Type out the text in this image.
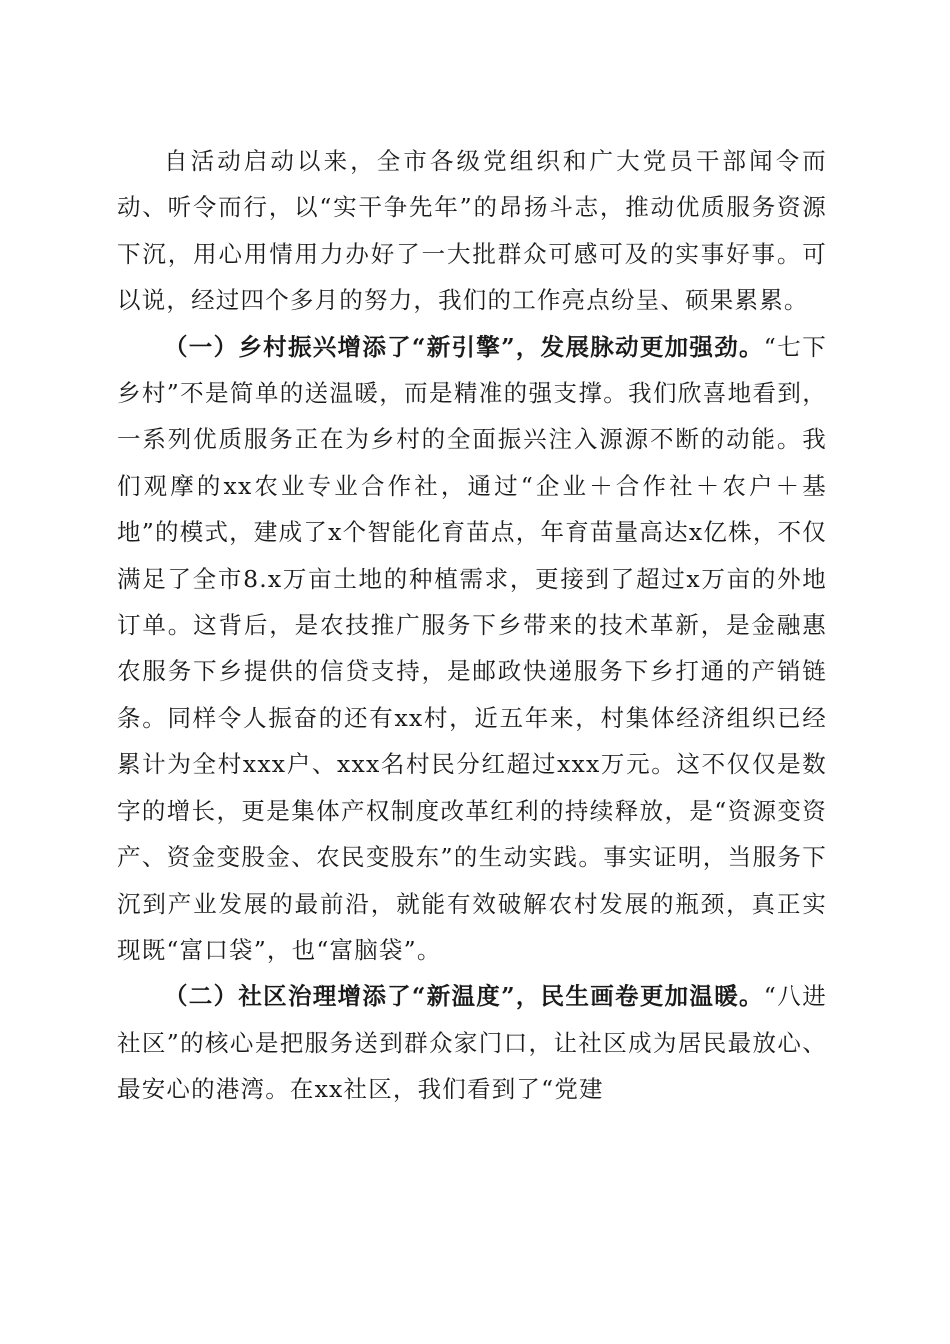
自活动启动以来，全市各级党组织和广大党员干部闻令而动、听令而行，以“实干争先年”的昂扬斗志，推动优质服务资源下沉，用心用情用力办好了一大批群众可感可及的实事好事。可以说，经过四个多月的努力，我们的工作亮点纷呈、硕果累累。

（一）乡村振兴增添了“新引擎”，发展脉动更加强劲。“七下乡村”不是简单的送温暖，而是精准的强支撑。我们欣喜地看到，一系列优质服务正在为乡村的全面振兴注入源源不断的动能。我们观摩的xx农业专业合作社，通过“企业＋合作社＋农户＋基地”的模式，建成了x个智能化育苗点，年育苗量高达x亿株，不仅满足了全市8.x万亩土地的种植需求，更接到了超过x万亩的外地订单。这背后，是农技推广服务下乡带来的技术革新，是金融惠农服务下乡提供的信贷支持，是邮政快递服务下乡打通的产销链条。同样令人振奋的还有xx村，近五年来，村集体经济组织已经累计为全村xxx户、xxx名村民分红超过xxx万元。这不仅仅是数字的增长，更是集体产权制度改革红利的持续释放，是“资源变资产、资金变股金、农民变股东”的生动实践。事实证明，当服务下沉到产业发展的最前沿，就能有效破解农村发展的瓶颈，真正实现既“富口袋”，也“富脑袋”。

（二）社区治理增添了“新温度”，民生画卷更加温暖。“八进社区”的核心是把服务送到群众家门口，让社区成为居民最放心、最安心的港湾。在xx社区，我们看到了“党建
